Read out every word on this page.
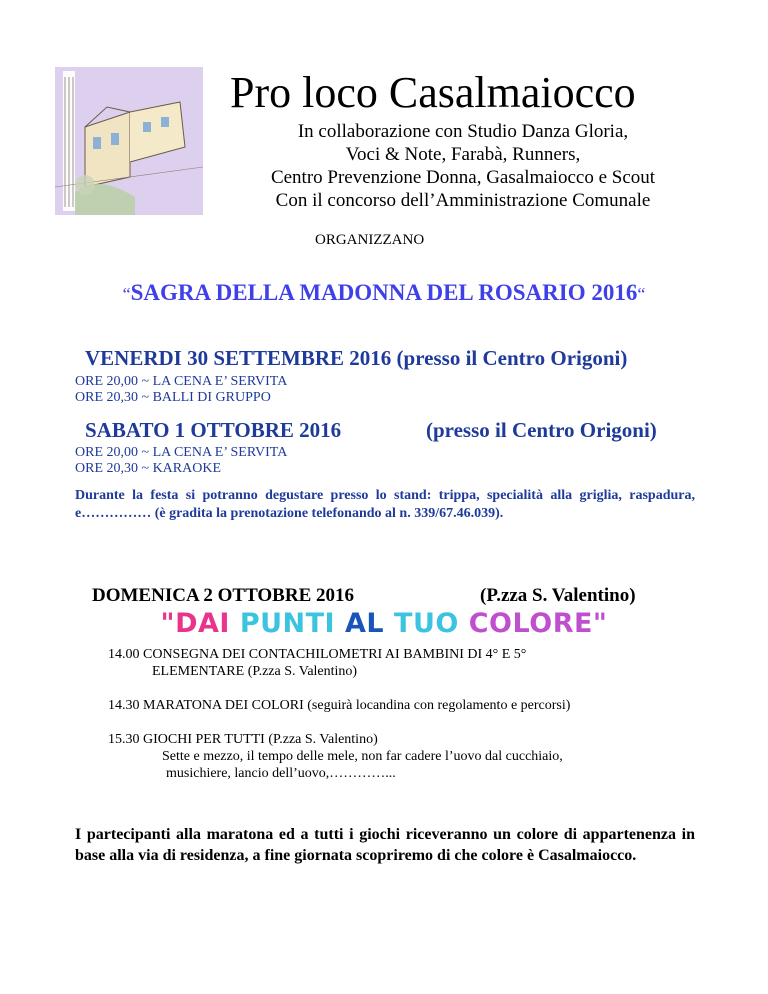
Pro loco Casalmaiocco
In collaborazione con Studio Danza Gloria,
Voci & Note, Farabà, Runners,
Centro Prevenzione Donna, Gasalmaiocco e Scout
Con il concorso dell’Amministrazione Comunale
ORGANIZZANO
“SAGRA DELLA MADONNA DEL ROSARIO 2016“
VENERDI 30 SETTEMBRE 2016 (presso il Centro Origoni)
ORE 20,00 ~ LA CENA E’ SERVITA
ORE 20,30 ~ BALLI DI GRUPPO
SABATO 1 OTTOBRE 2016	(presso il Centro Origoni)
ORE 20,00 ~ LA CENA E’ SERVITA
ORE 20,30 ~ KARAOKE
Durante la festa si potranno degustare presso lo stand: trippa, specialità alla griglia, raspadura, e…………… (è gradita la prenotazione telefonando al n. 339/67.46.039).
DOMENICA 2 OTTOBRE 2016	(P.zza S. Valentino)
"DAI PUNTI AL TUO COLORE"
14.00 CONSEGNA DEI CONTACHILOMETRI AI BAMBINI DI 4° E 5°
ELEMENTARE (P.zza S. Valentino)
14.30 MARATONA DEI COLORI (seguirà locandina con regolamento e percorsi)
15.30 GIOCHI PER TUTTI (P.zza S. Valentino)
Sette e mezzo, il tempo delle mele, non far cadere l’uovo dal cucchiaio,
musichiere, lancio dell’uovo,…………...
I partecipanti alla maratona ed a tutti i giochi riceveranno un colore di appartenenza in base alla via di residenza, a fine giornata scopriremo di che colore è Casalmaiocco.
